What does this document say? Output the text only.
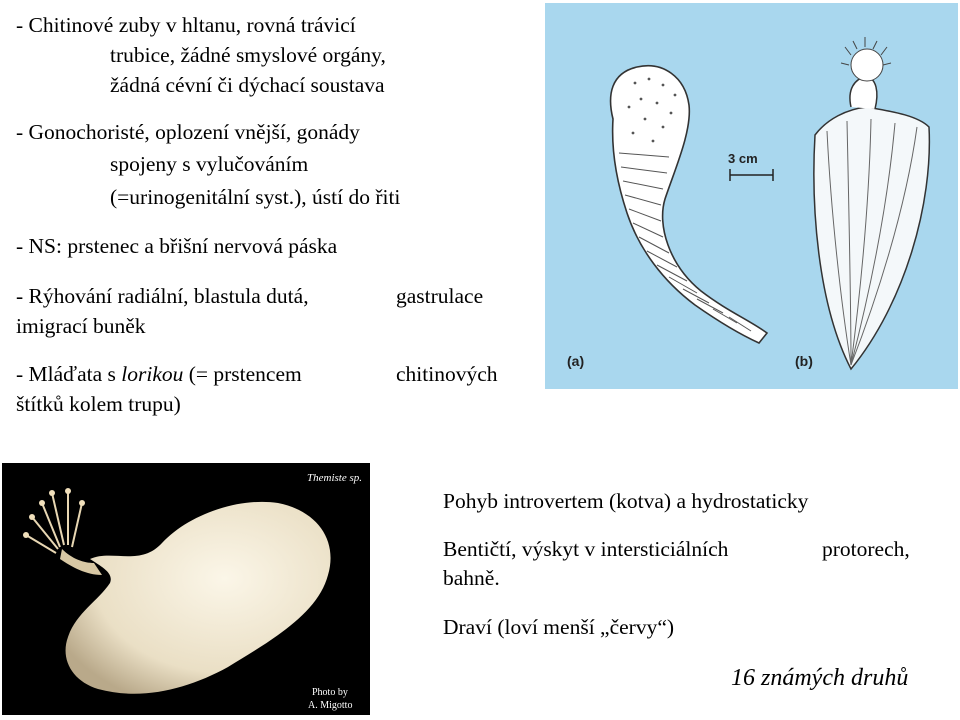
- Chitinové zuby v hltanu, rovná trávicí
trubice, žádné smyslové orgány,
žádná cévní či dýchací soustava
- Gonochoristé, oplození vnější, gonády
spojeny s vylučováním
(=urinogenitální syst.), ústí do řiti
- NS: prstenec a břišní nervová páska
- Rýhování radiální, blastula dutá,	gastrulace
imigrací buněk
- Mláďata s lorikou (= prstencem	chitinových
štítků kolem trupu)
3 cm
(a)	(b)
Themiste sp.
Photo by
A. Migotto
Pohyb introvertem (kotva) a hydrostaticky
Bentičtí, výskyt v intersticiálních	protorech,
bahně.
Draví (loví menší „červy“)
16 známých druhů
